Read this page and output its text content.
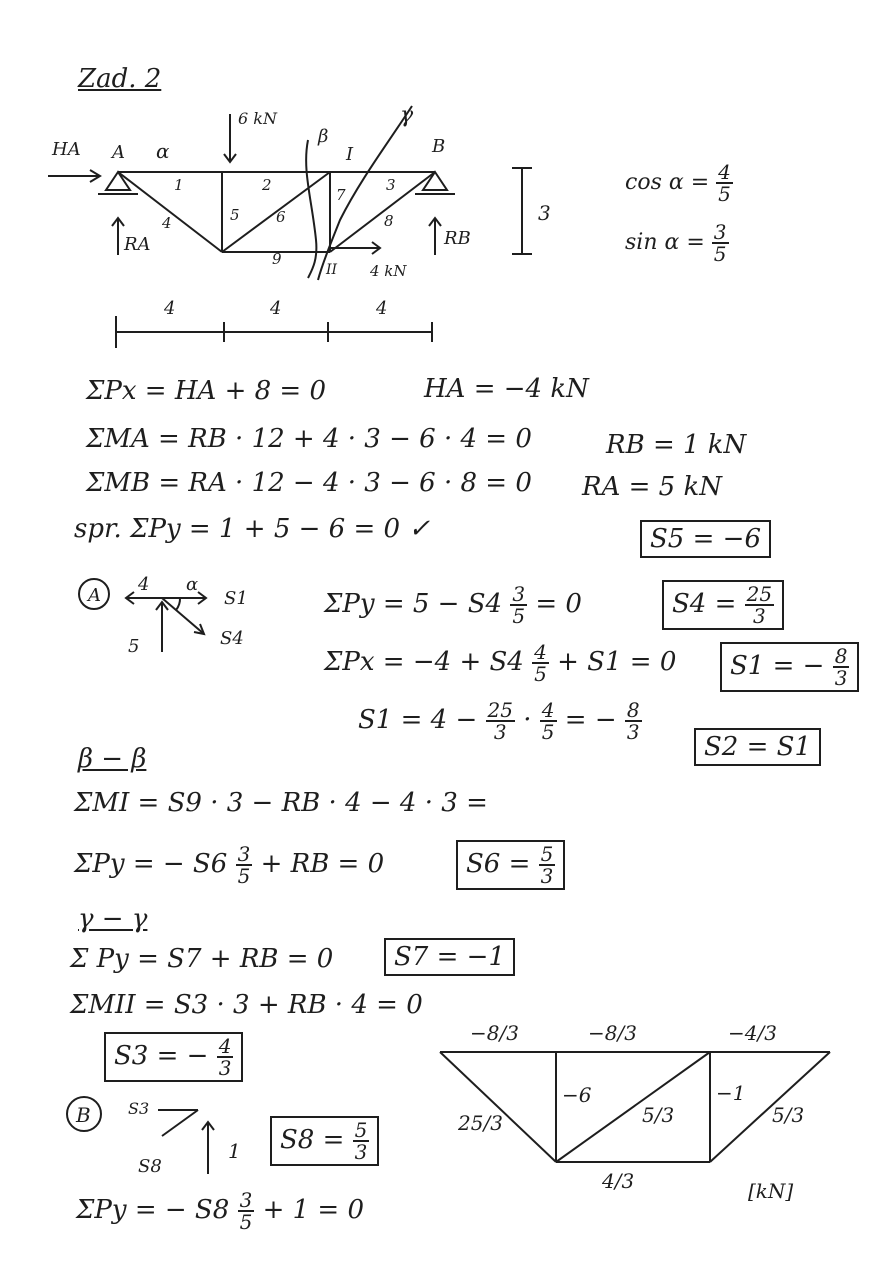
Zad. 2
HA A α
6 kN
β
I
γ
B
RA	RB
II 4 kN
3
1	2	3
4	5 6
7
8
9
4	4	4
$\cos \alpha = \frac{4}{5}$
$\sin \alpha = \frac{3}{5}$
ΣPx = HA + 8 = 0	HA = −4 kN
ΣMA = RB · 12 + 4 · 3 − 6 · 4 = 0	RB = 1 kN
ΣMB = RA · 12 − 4 · 3 − 6 · 8 = 0 RA = 5 kN
spr. ΣPy = 1 + 5 − 6 = 0 ✓	S5 = −6
A
4 α
S1
S4
5
$\Sigma Py = 5 - S4 \frac{3}{5} = 0$	$S4 = \frac{25}{3}$
$\Sigma Px = -4 + S4 \frac{4}{5} + S1 = 0$	S1 = − $\frac{8}{3}$
$S1 = 4 - \frac{25}{3} \cdot \frac{4}{5}$ = − $\frac{8}{3}$
S2 = S1
β − β
ΣMI = S9 · 3 − RB · 4 − 4 · 3 =
ΣPy = − $S6 \frac{3}{5}$ + RB = 0	$S6 = \frac{5}{3}$
γ − γ
Σ Py = S7 + RB = 0	S7 = −1
ΣMII = S3 · 3 + RB · 4 = 0
S3 = − $\frac{4}{3}$
B S3
S8
1	$S8 = \frac{5}{3}$
ΣPy = − $S8 \frac{3}{5} + 1 = 0$
−8/3	−8/3	−4/3
25/3
−6
5/3
−1
5/3
4/3	[kN]
